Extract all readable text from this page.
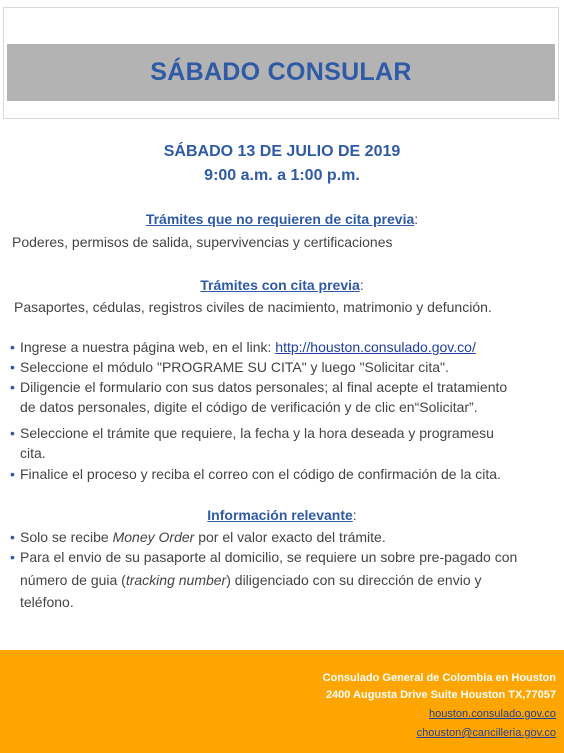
SÁBADO CONSULAR
SÁBADO 13 DE JULIO DE 2019
9:00 a.m. a 1:00 p.m.
Trámites que no requieren de cita previa:
Poderes, permisos de salida, supervivencias y certificaciones
Trámites con cita previa:
Pasaportes, cédulas, registros civiles de nacimiento, matrimonio y defunción.
• Ingrese a nuestra página web, en el link: http://houston.consulado.gov.co/
• Seleccione el módulo "PROGRAME SU CITA" y luego "Solicitar cita".
• Diligencie el formulario con sus datos personales; al final acepte el tratamiento
de datos personales, digite el código de verificación y de clic en“Solicitar”.
• Seleccione el trámite que requiere, la fecha y la hora deseada y programesu
cita.
• Finalice el proceso y reciba el correo con el código de confirmación de la cita.
Información relevante:
• Solo se recibe Money Order por el valor exacto del trámite.
• Para el envio de su pasaporte al domicilio, se requiere un sobre pre-pagado con
número de guia (tracking number) diligenciado con su dirección de envio y
teléfono.
Consulado General de Colombia en Houston
2400 Augusta Drive Suite Houston TX,77057
houston.consulado.gov.co
chouston@cancilleria.gov.co
